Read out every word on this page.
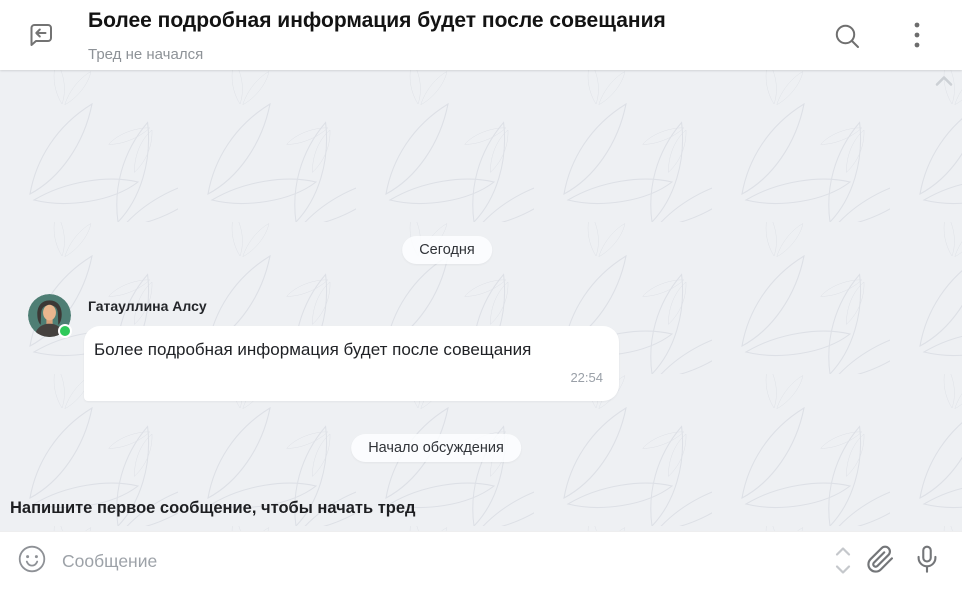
Более подробная информация будет после совещания
Тред не начался
Сегодня
Гатауллина Алсу
Более подробная информация будет после совещания
22:54
Начало обсуждения
Напишите первое сообщение, чтобы начать тред
Сообщение
